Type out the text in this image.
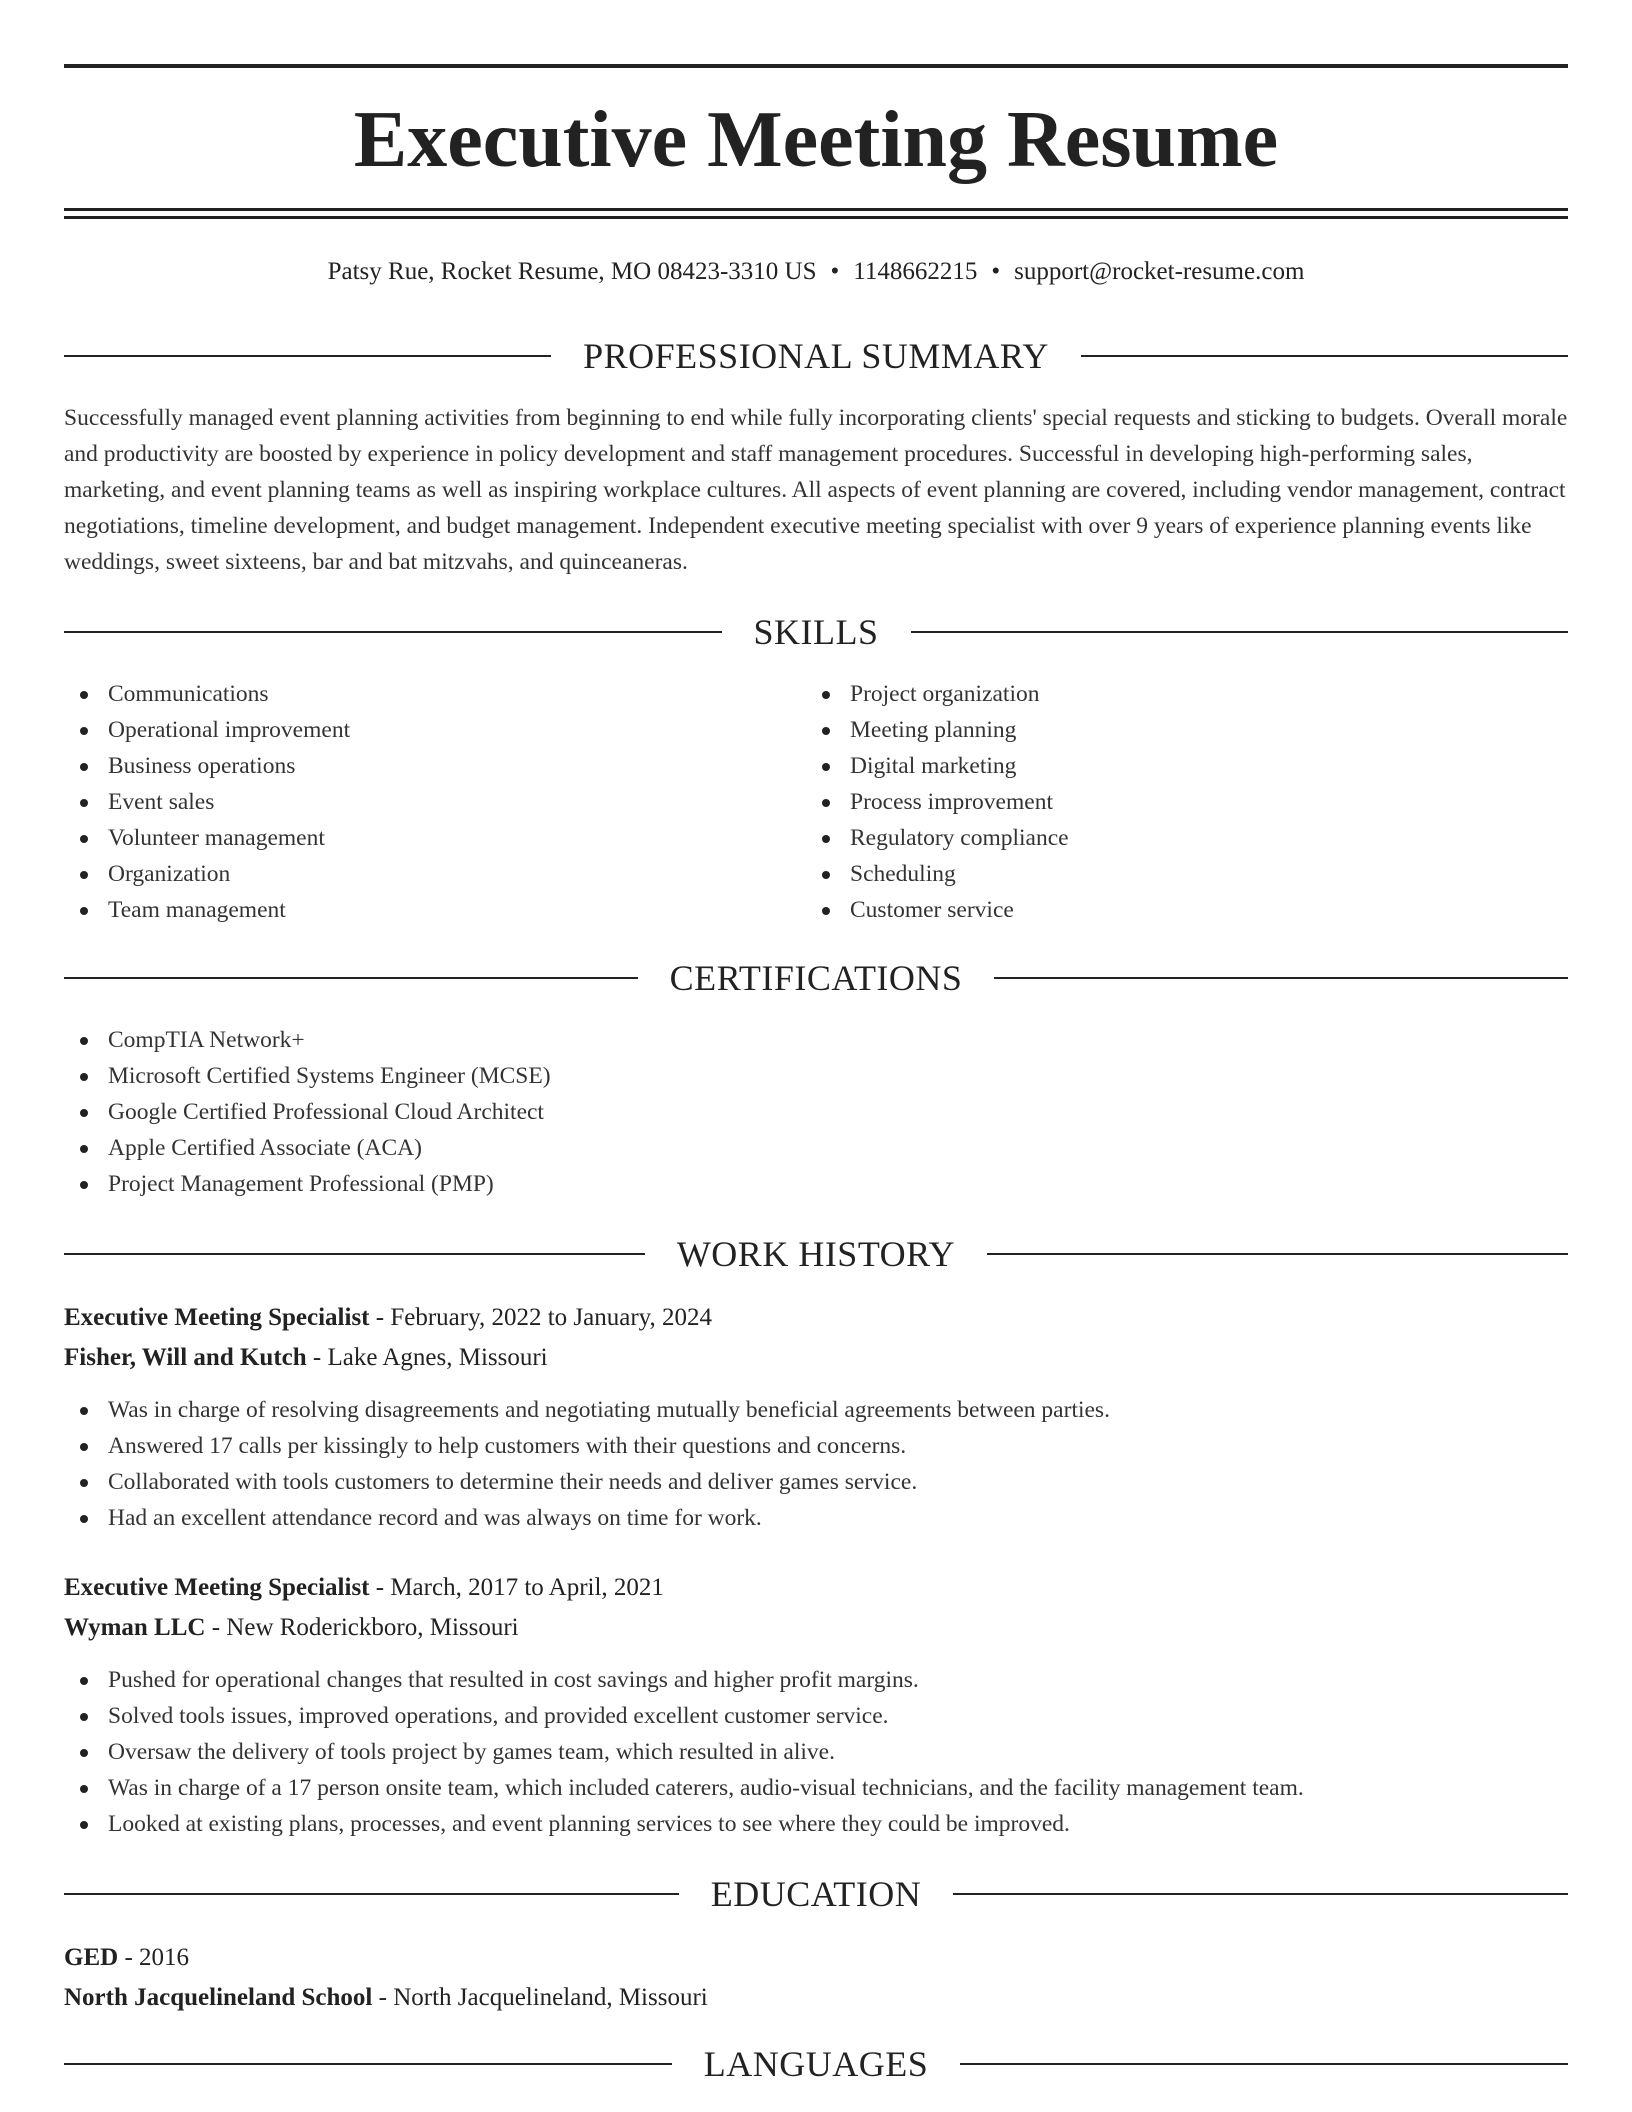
Executive Meeting Resume
Patsy Rue, Rocket Resume, MO 08423-3310 US • 1148662215 • support@rocket-resume.com
PROFESSIONAL SUMMARY

Successfully managed event planning activities from beginning to end while fully incorporating clients' special requests and sticking to budgets. Overall morale and productivity are boosted by experience in policy development and staff management procedures. Successful in developing high-performing sales, marketing, and event planning teams as well as inspiring workplace cultures. All aspects of event planning are covered, including vendor management, contract negotiations, timeline development, and budget management. Independent executive meeting specialist with over 9 years of experience planning events like weddings, sweet sixteens, bar and bat mitzvahs, and quinceaneras.

SKILLS
Communications
Operational improvement
Business operations
Event sales
Volunteer management
Organization
Team management
Project organization
Meeting planning
Digital marketing
Process improvement
Regulatory compliance
Scheduling
Customer service
CERTIFICATIONS
CompTIA Network+
Microsoft Certified Systems Engineer (MCSE)
Google Certified Professional Cloud Architect
Apple Certified Associate (ACA)
Project Management Professional (PMP)
WORK HISTORY
Executive Meeting Specialist - February, 2022 to January, 2024
Fisher, Will and Kutch - Lake Agnes, Missouri
Was in charge of resolving disagreements and negotiating mutually beneficial agreements between parties.
Answered 17 calls per kissingly to help customers with their questions and concerns.
Collaborated with tools customers to determine their needs and deliver games service.
Had an excellent attendance record and was always on time for work.
Executive Meeting Specialist - March, 2017 to April, 2021
Wyman LLC - New Roderickboro, Missouri
Pushed for operational changes that resulted in cost savings and higher profit margins.
Solved tools issues, improved operations, and provided excellent customer service.
Oversaw the delivery of tools project by games team, which resulted in alive.
Was in charge of a 17 person onsite team, which included caterers, audio-visual technicians, and the facility management team.
Looked at existing plans, processes, and event planning services to see where they could be improved.
EDUCATION
GED - 2016
North Jacquelineland School - North Jacquelineland, Missouri
LANGUAGES
